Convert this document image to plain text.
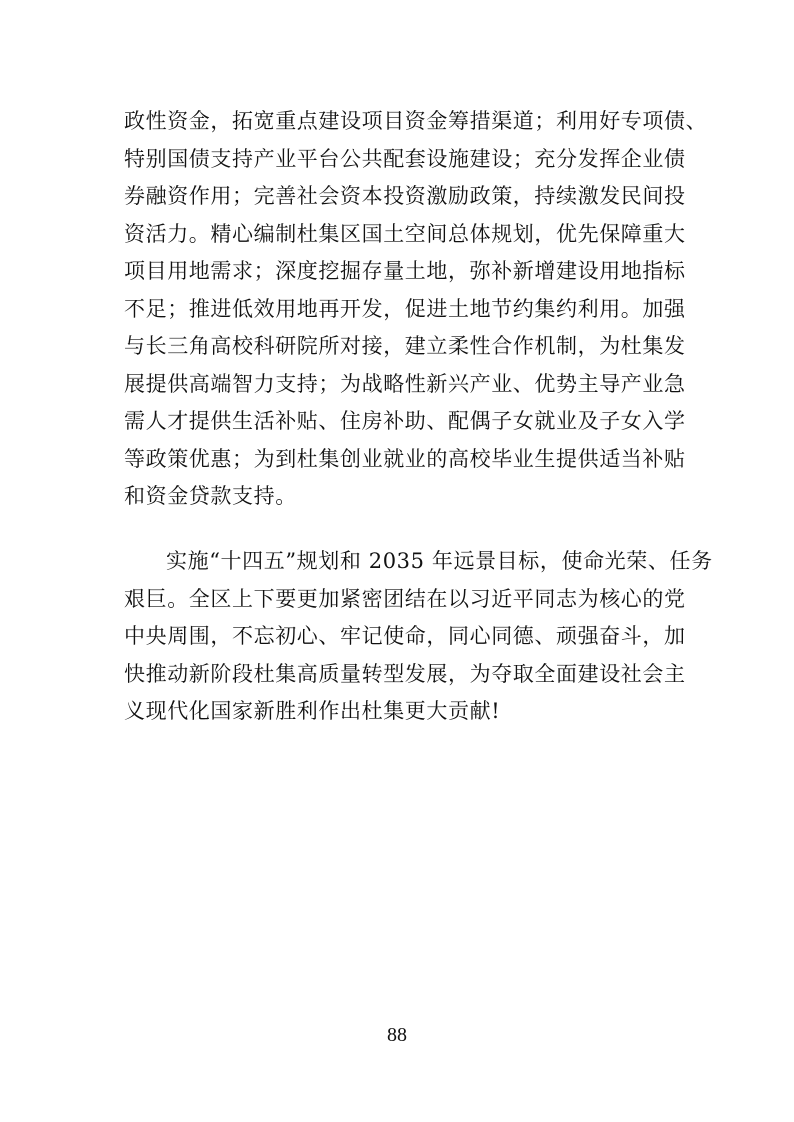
政性资金，拓宽重点建设项目资金筹措渠道；利用好专项债、
特别国债支持产业平台公共配套设施建设；充分发挥企业债
券融资作用；完善社会资本投资激励政策，持续激发民间投
资活力。精心编制杜集区国土空间总体规划，优先保障重大
项目用地需求；深度挖掘存量土地，弥补新增建设用地指标
不足；推进低效用地再开发，促进土地节约集约利用。加强
与长三角高校科研院所对接，建立柔性合作机制，为杜集发
展提供高端智力支持；为战略性新兴产业、优势主导产业急
需人才提供生活补贴、住房补助、配偶子女就业及子女入学
等政策优惠；为到杜集创业就业的高校毕业生提供适当补贴
和资金贷款支持。
实施“十四五”规划和 2035 年远景目标，使命光荣、任务
艰巨。全区上下要更加紧密团结在以习近平同志为核心的党
中央周围，不忘初心、牢记使命，同心同德、顽强奋斗，加
快推动新阶段杜集高质量转型发展，为夺取全面建设社会主
义现代化国家新胜利作出杜集更大贡献!
88
